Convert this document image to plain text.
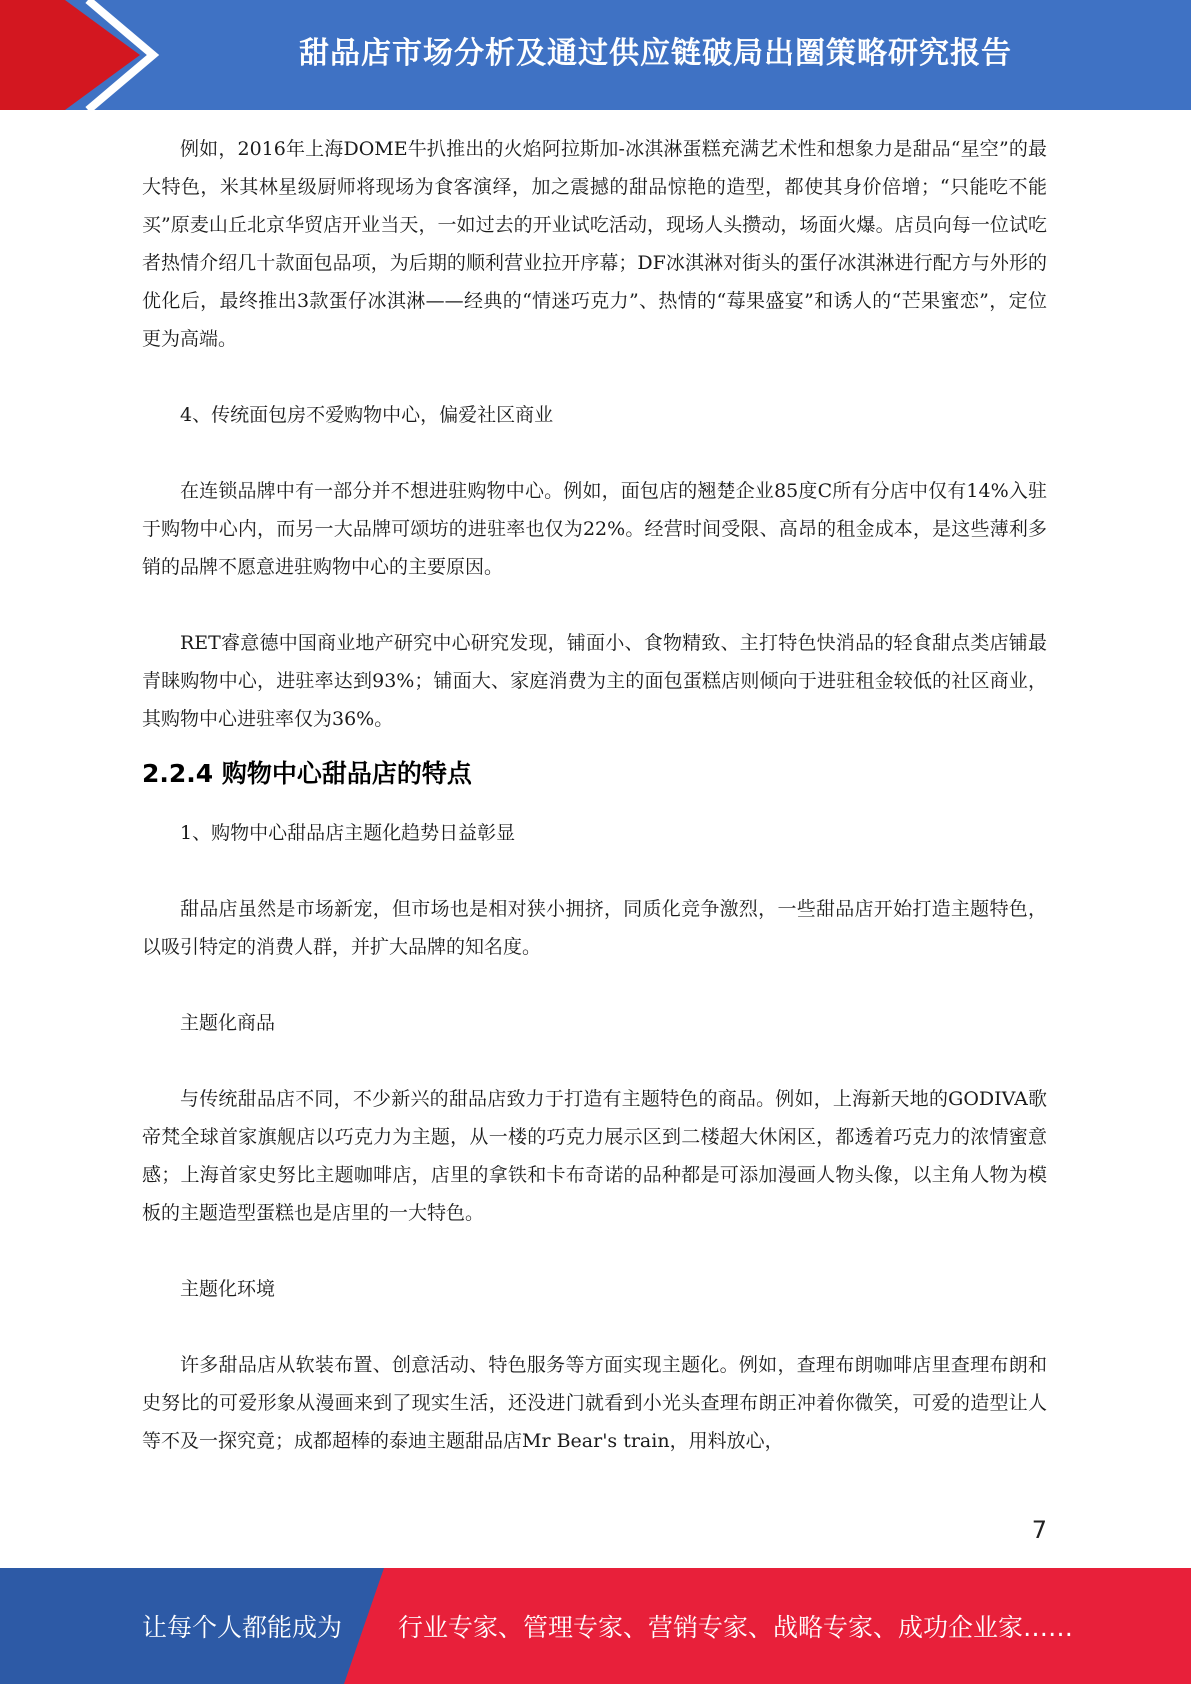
甜品店市场分析及通过供应链破局出圈策略研究报告

例如，2016年上海DOME牛扒推出的火焰阿拉斯加-冰淇淋蛋糕充满艺术性和想象力是甜品“星空”的最大特色，米其林星级厨师将现场为食客演绎，加之震撼的甜品惊艳的造型，都使其身价倍增；“只能吃不能买”原麦山丘北京华贸店开业当天，一如过去的开业试吃活动，现场人头攒动，场面火爆。店员向每一位试吃者热情介绍几十款面包品项，为后期的顺利营业拉开序幕；DF冰淇淋对街头的蛋仔冰淇淋进行配方与外形的优化后，最终推出3款蛋仔冰淇淋——经典的“情迷巧克力”、热情的“莓果盛宴”和诱人的“芒果蜜恋”，定位更为高端。

4、传统面包房不爱购物中心，偏爱社区商业

在连锁品牌中有一部分并不想进驻购物中心。例如，面包店的翘楚企业85度C所有分店中仅有14%入驻于购物中心内，而另一大品牌可颂坊的进驻率也仅为22%。经营时间受限、高昂的租金成本，是这些薄利多销的品牌不愿意进驻购物中心的主要原因。

RET睿意德中国商业地产研究中心研究发现，铺面小、食物精致、主打特色快消品的轻食甜点类店铺最青睐购物中心，进驻率达到93%；铺面大、家庭消费为主的面包蛋糕店则倾向于进驻租金较低的社区商业，其购物中心进驻率仅为36%。

2.2.4 购物中心甜品店的特点

1、购物中心甜品店主题化趋势日益彰显

甜品店虽然是市场新宠，但市场也是相对狭小拥挤，同质化竞争激烈，一些甜品店开始打造主题特色，以吸引特定的消费人群，并扩大品牌的知名度。

主题化商品

与传统甜品店不同，不少新兴的甜品店致力于打造有主题特色的商品。例如，上海新天地的GODIVA歌帝梵全球首家旗舰店以巧克力为主题，从一楼的巧克力展示区到二楼超大休闲区，都透着巧克力的浓情蜜意感；上海首家史努比主题咖啡店，店里的拿铁和卡布奇诺的品种都是可添加漫画人物头像，以主角人物为模板的主题造型蛋糕也是店里的一大特色。

主题化环境

许多甜品店从软装布置、创意活动、特色服务等方面实现主题化。例如，查理布朗咖啡店里查理布朗和史努比的可爱形象从漫画来到了现实生活，还没进门就看到小光头查理布朗正冲着你微笑，可爱的造型让人等不及一探究竟；成都超棒的泰迪主题甜品店Mr Bear's train，用料放心，

7
让每个人都能成为 行业专家、管理专家、营销专家、战略专家、成功企业家……
